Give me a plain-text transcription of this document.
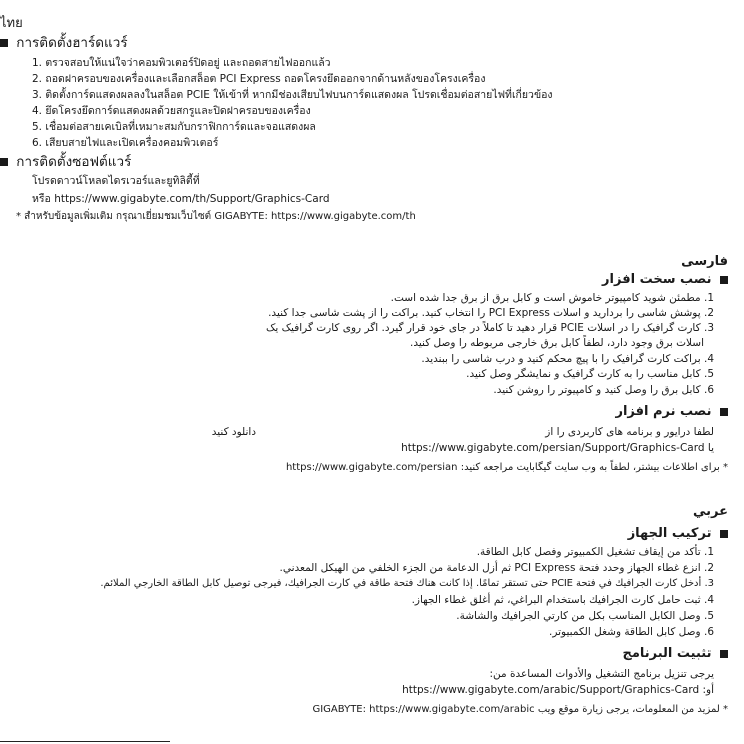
ไทย
การติดตั้งฮาร์ดแวร์
1. ตรวจสอบให้แน่ใจว่าคอมพิวเตอร์ปิดอยู่ และถอดสายไฟออกแล้ว
2. ถอดฝาครอบของเครื่องและเลือกสล็อต PCI Express ถอดโครงยึดออกจากด้านหลังของโครงเครื่อง
3. ติดตั้งการ์ดแสดงผลลงในสล็อต PCIE ให้เข้าที่ หากมีช่องเสียบไฟบนการ์ดแสดงผล โปรดเชื่อมต่อสายไฟที่เกี่ยวข้อง
4. ยึดโครงยึดการ์ดแสดงผลด้วยสกรูและปิดฝาครอบของเครื่อง
5. เชื่อมต่อสายเคเบิลที่เหมาะสมกับกราฟิกการ์ดและจอแสดงผล
6. เสียบสายไฟและเปิดเครื่องคอมพิวเตอร์
การติดตั้งซอฟต์แวร์
โปรดดาวน์โหลดไดรเวอร์และยูทิลิตี้ที่
หรือ https://www.gigabyte.com/th/Support/Graphics-Card
* สำหรับข้อมูลเพิ่มเติม กรุณาเยี่ยมชมเว็บไซต์ GIGABYTE: https://www.gigabyte.com/th
فارسی
نصب سخت افزار
1. مطمئن شوید کامپیوتر خاموش است و کابل برق از برق جدا شده است.
2. پوشش شاسی را بردارید و اسلات PCI Express را انتخاب کنید. براکت را از پشت شاسی جدا کنید.
3. کارت گرافیک را در اسلات PCIE قرار دهید تا کاملاً در جای خود قرار گیرد. اگر روی کارت گرافیک یک
اسلات برق وجود دارد، لطفاً کابل برق خارجی مربوطه را وصل کنید.
4. براکت کارت گرافیک را با پیچ محکم کنید و درب شاسی را ببندید.
5. کابل مناسب را به کارت گرافیک و نمایشگر وصل کنید.
6. کابل برق را وصل کنید و کامپیوتر را روشن کنید.
نصب نرم افزار
لطفا درایور و برنامه های کاربردی را از
دانلود کنید
یا https://www.gigabyte.com/persian/Support/Graphics-Card
* برای اطلاعات بیشتر، لطفاً به وب سایت گیگابایت مراجعه کنید: https://www.gigabyte.com/persian
عربي
تركيب الجهاز
1. تأكد من إيقاف تشغيل الكمبيوتر وفصل كابل الطاقة.
2. انزع غطاء الجهاز وحدد فتحة PCI Express ثم أزل الدعامة من الجزء الخلفي من الهيكل المعدني.
3. أدخل كارت الجرافيك في فتحة PCIE حتى تستقر تمامًا. إذا كانت هناك فتحة طاقة في كارت الجرافيك، فيرجى توصيل كابل الطاقة الخارجي الملائم.
4. ثبت حامل كارت الجرافيك باستخدام البراغي، ثم أغلق غطاء الجهاز.
5. وصل الكابل المناسب بكل من كارتي الجرافيك والشاشة.
6. وصل كابل الطاقة وشغل الكمبيوتر.
تثبيت البرنامج
يرجى تنزيل برنامج التشغيل والأدوات المساعدة من:
أو: https://www.gigabyte.com/arabic/Support/Graphics-Card
* لمزيد من المعلومات، يرجى زيارة موقع ويب GIGABYTE: https://www.gigabyte.com/arabic
